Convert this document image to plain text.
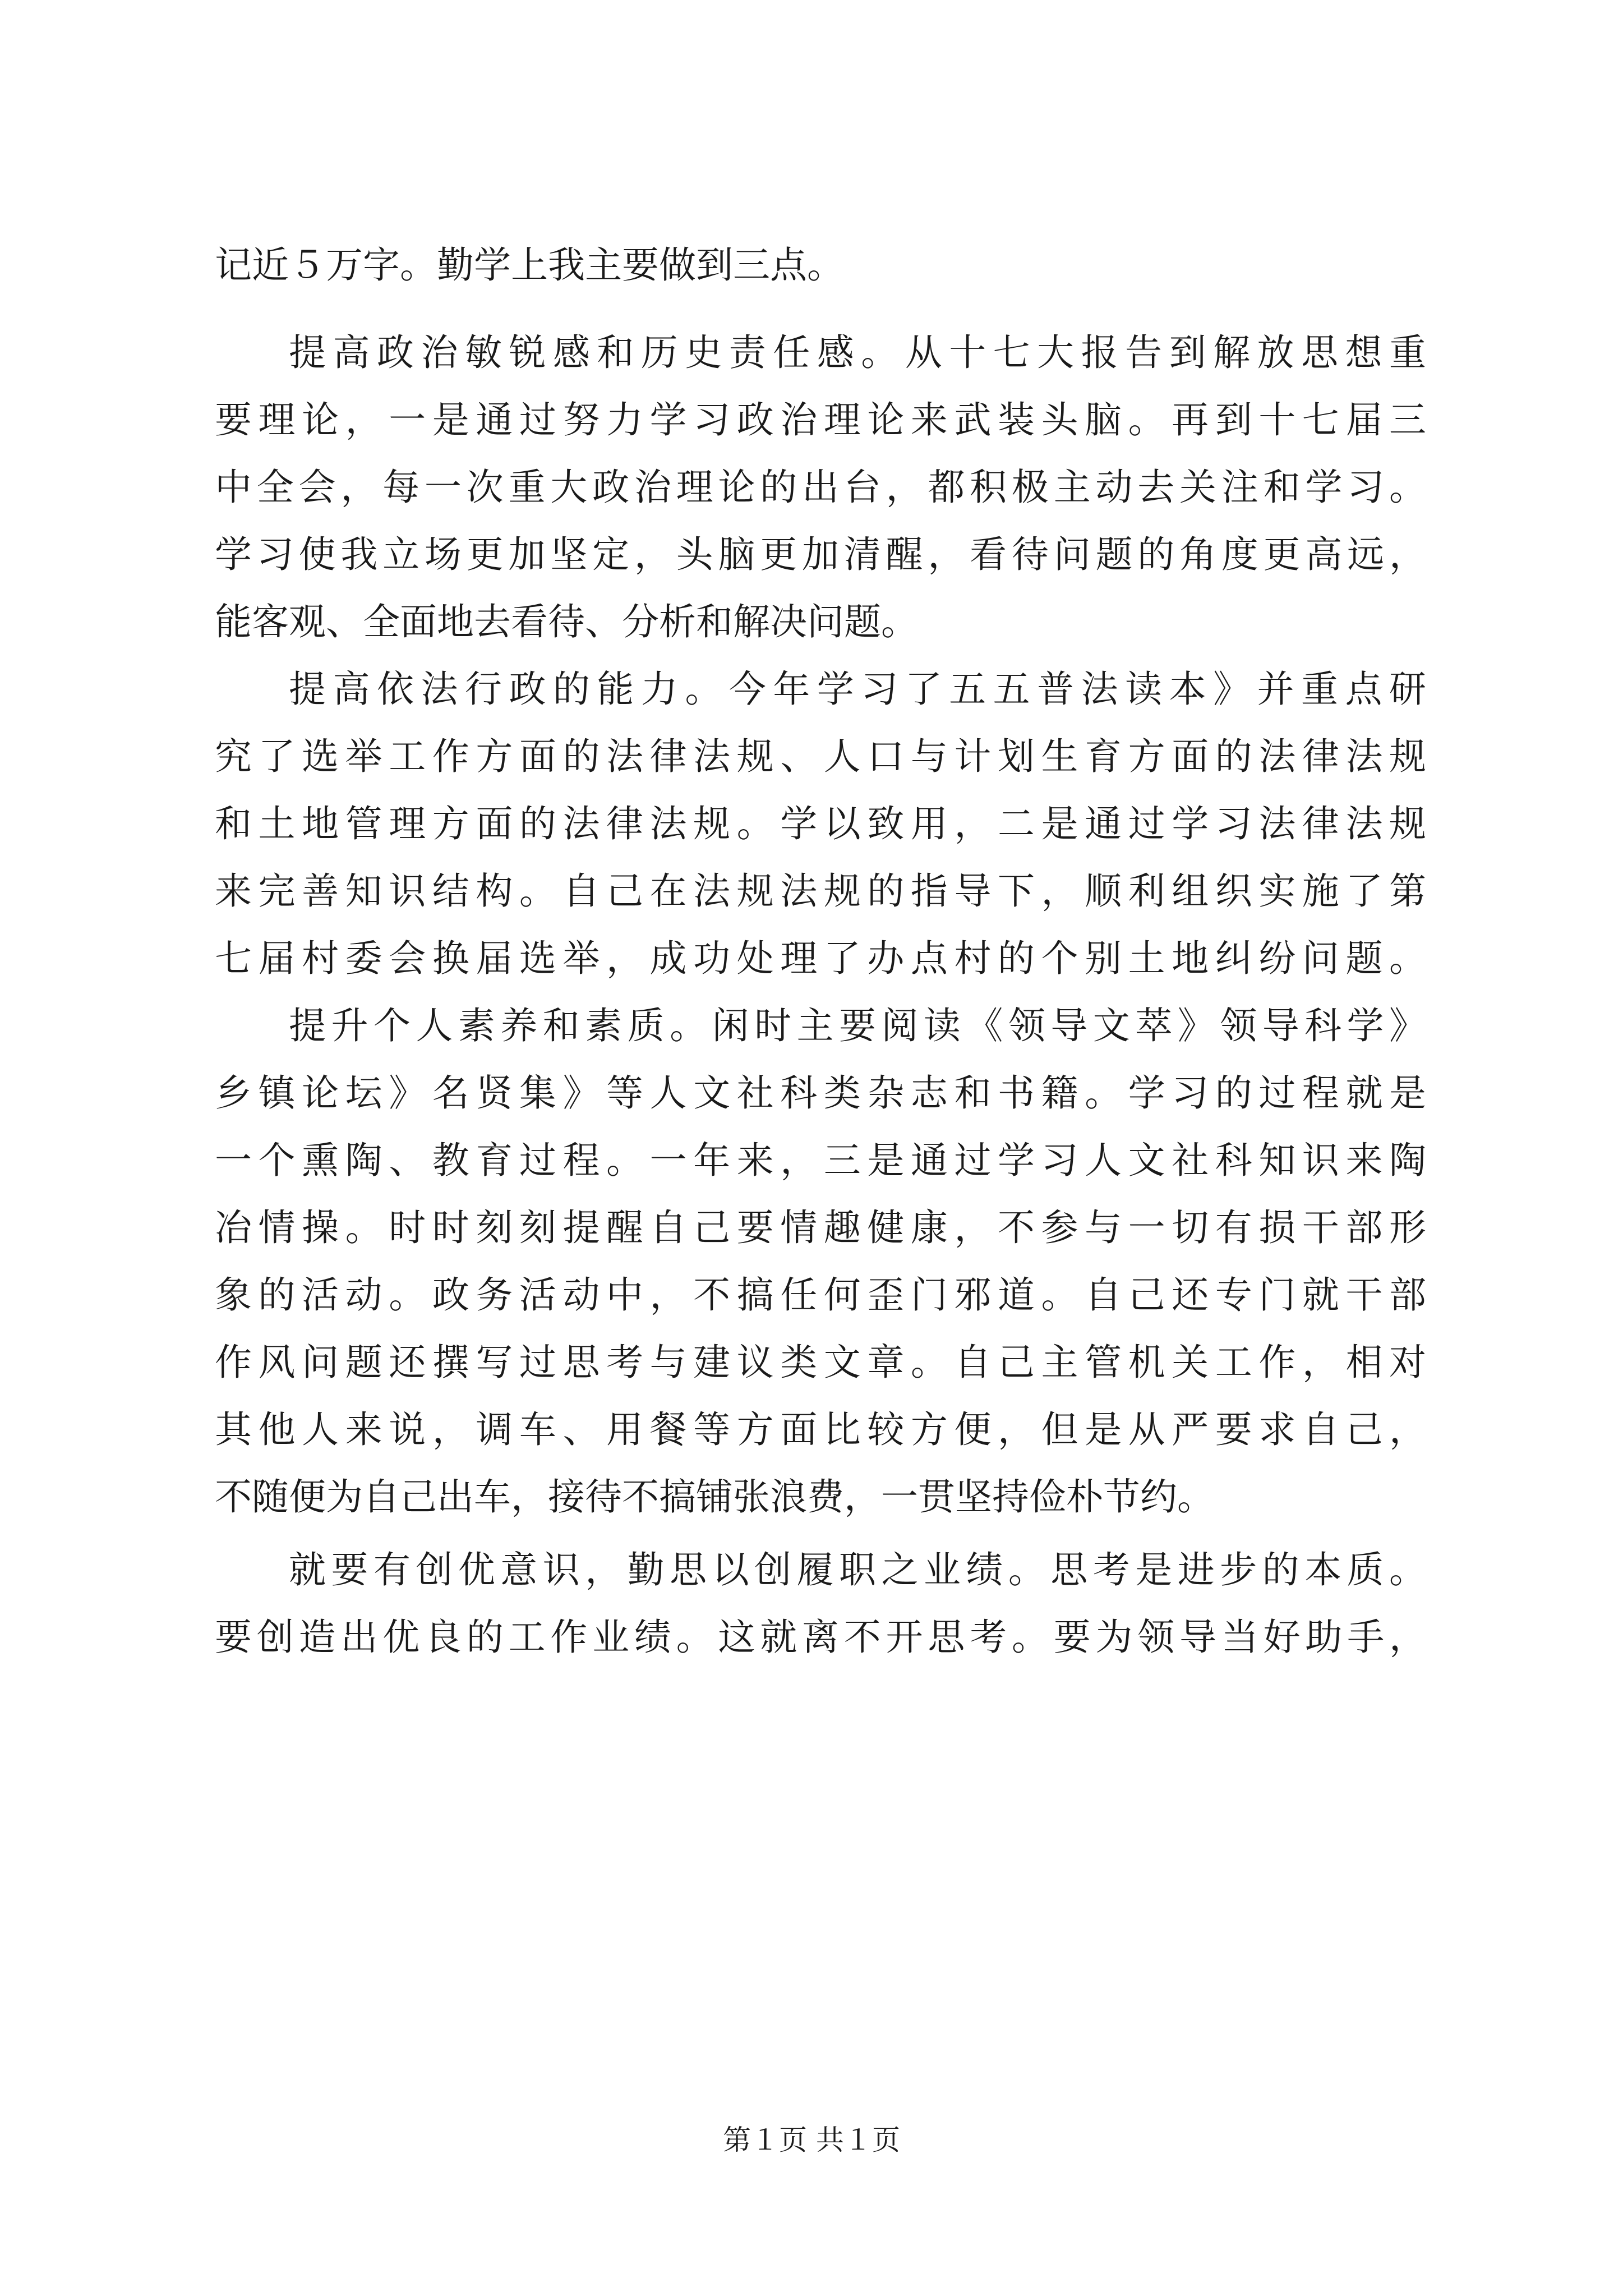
记近５万字。勤学上我主要做到三点。
提高政治敏锐感和历史责任感。从十七大报告到解放思想重
要理论，一是通过努力学习政治理论来武装头脑。再到十七届三
中全会，每一次重大政治理论的出台，都积极主动去关注和学习。
学习使我立场更加坚定，头脑更加清醒，看待问题的角度更高远，
能客观、全面地去看待、分析和解决问题。
提高依法行政的能力。今年学习了五五普法读本》并重点研
究了选举工作方面的法律法规、人口与计划生育方面的法律法规
和土地管理方面的法律法规。学以致用，二是通过学习法律法规
来完善知识结构。自己在法规法规的指导下，顺利组织实施了第
七届村委会换届选举，成功处理了办点村的个别土地纠纷问题。
提升个人素养和素质。闲时主要阅读《领导文萃》领导科学》
乡镇论坛》名贤集》等人文社科类杂志和书籍。学习的过程就是
一个熏陶、教育过程。一年来，三是通过学习人文社科知识来陶
冶情操。时时刻刻提醒自己要情趣健康，不参与一切有损干部形
象的活动。政务活动中，不搞任何歪门邪道。自己还专门就干部
作风问题还撰写过思考与建议类文章。自己主管机关工作，相对
其他人来说，调车、用餐等方面比较方便，但是从严要求自己，
不随便为自己出车，接待不搞铺张浪费，一贯坚持俭朴节约。
就要有创优意识，勤思以创履职之业绩。思考是进步的本质。
要创造出优良的工作业绩。这就离不开思考。要为领导当好助手，
第１页 共１页
